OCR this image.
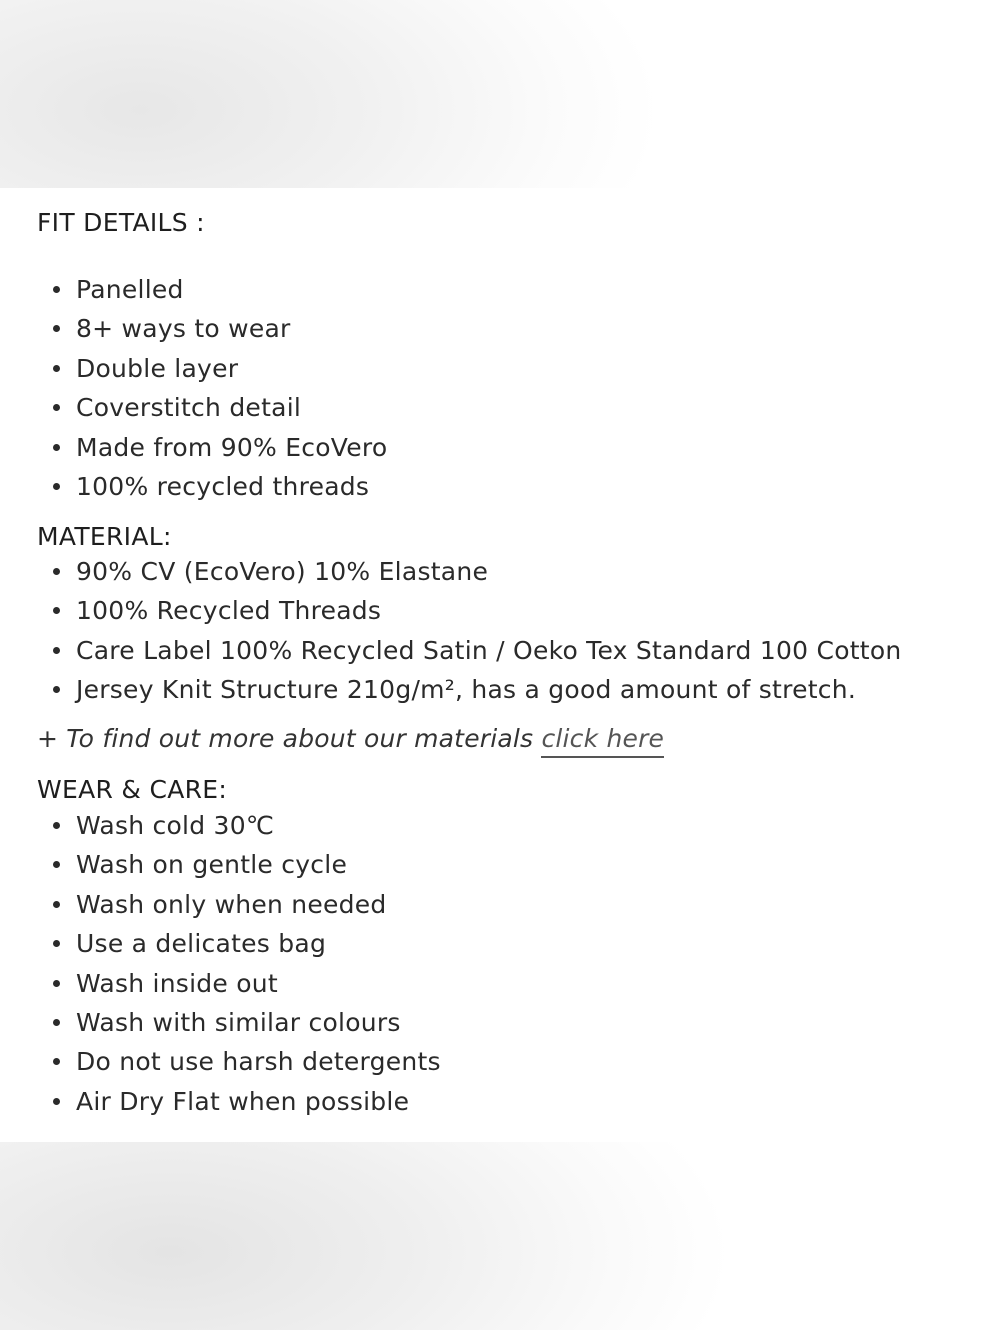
FIT DETAILS :
Panelled
8+ ways to wear
Double layer
Coverstitch detail
Made from 90% EcoVero
100% recycled threads
MATERIAL:
90% CV (EcoVero) 10% Elastane
100% Recycled Threads
Care Label 100% Recycled Satin / Oeko Tex Standard 100 Cotton
Jersey Knit Structure 210g/m², has a good amount of stretch.
+ To find out more about our materials click here
WEAR & CARE:
Wash cold 30℃
Wash on gentle cycle
Wash only when needed
Use a delicates bag
Wash inside out
Wash with similar colours
Do not use harsh detergents
Air Dry Flat when possible
